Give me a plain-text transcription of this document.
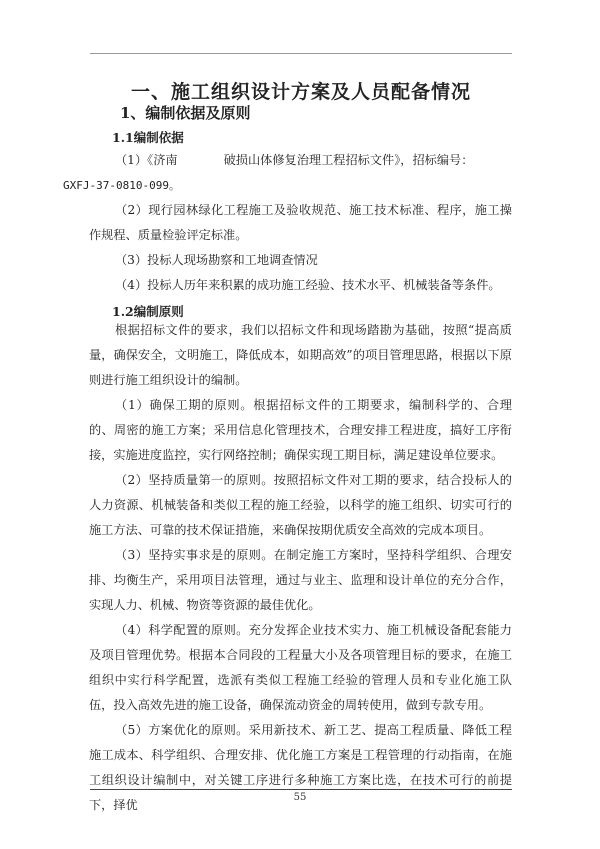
一、施工组织设计方案及人员配备情况
1、编制依据及原则
1.1编制依据

（1）《济南	破损山体修复治理工程招标文件》，招标编号：
GXFJ-37-0810-099。

（2）现行园林绿化工程施工及验收规范、施工技术标准、程序，施工操作规程、质量检验评定标准。

（3）投标人现场勘察和工地调查情况

（4）投标人历年来积累的成功施工经验、技术水平、机械装备等条件。

1.2编制原则

根据招标文件的要求，我们以招标文件和现场踏勘为基础，按照“提高质量，确保安全，文明施工，降低成本，如期高效”的项目管理思路，根据以下原则进行施工组织设计的编制。

（1）确保工期的原则。根据招标文件的工期要求，编制科学的、合理的、周密的施工方案；采用信息化管理技术，合理安排工程进度，搞好工序衔接，实施进度监控，实行网络控制；确保实现工期目标，满足建设单位要求。

（2）坚持质量第一的原则。按照招标文件对工期的要求，结合投标人的人力资源、机械装备和类似工程的施工经验，以科学的施工组织、切实可行的施工方法、可靠的技术保证措施，来确保按期优质安全高效的完成本项目。

（3）坚持实事求是的原则。在制定施工方案时，坚持科学组织、合理安排、均衡生产，采用项目法管理，通过与业主、监理和设计单位的充分合作，实现人力、机械、物资等资源的最佳优化。

（4）科学配置的原则。充分发挥企业技术实力、施工机械设备配套能力及项目管理优势。根据本合同段的工程量大小及各项管理目标的要求，在施工组织中实行科学配置，选派有类似工程施工经验的管理人员和专业化施工队伍，投入高效先进的施工设备，确保流动资金的周转使用，做到专款专用。

（5）方案优化的原则。采用新技术、新工艺、提高工程质量、降低工程施工成本、科学组织、合理安排、优化施工方案是工程管理的行动指南，在施工组织设计编制中，对关键工序进行多种施工方案比选，在技术可行的前提下，择优

55
